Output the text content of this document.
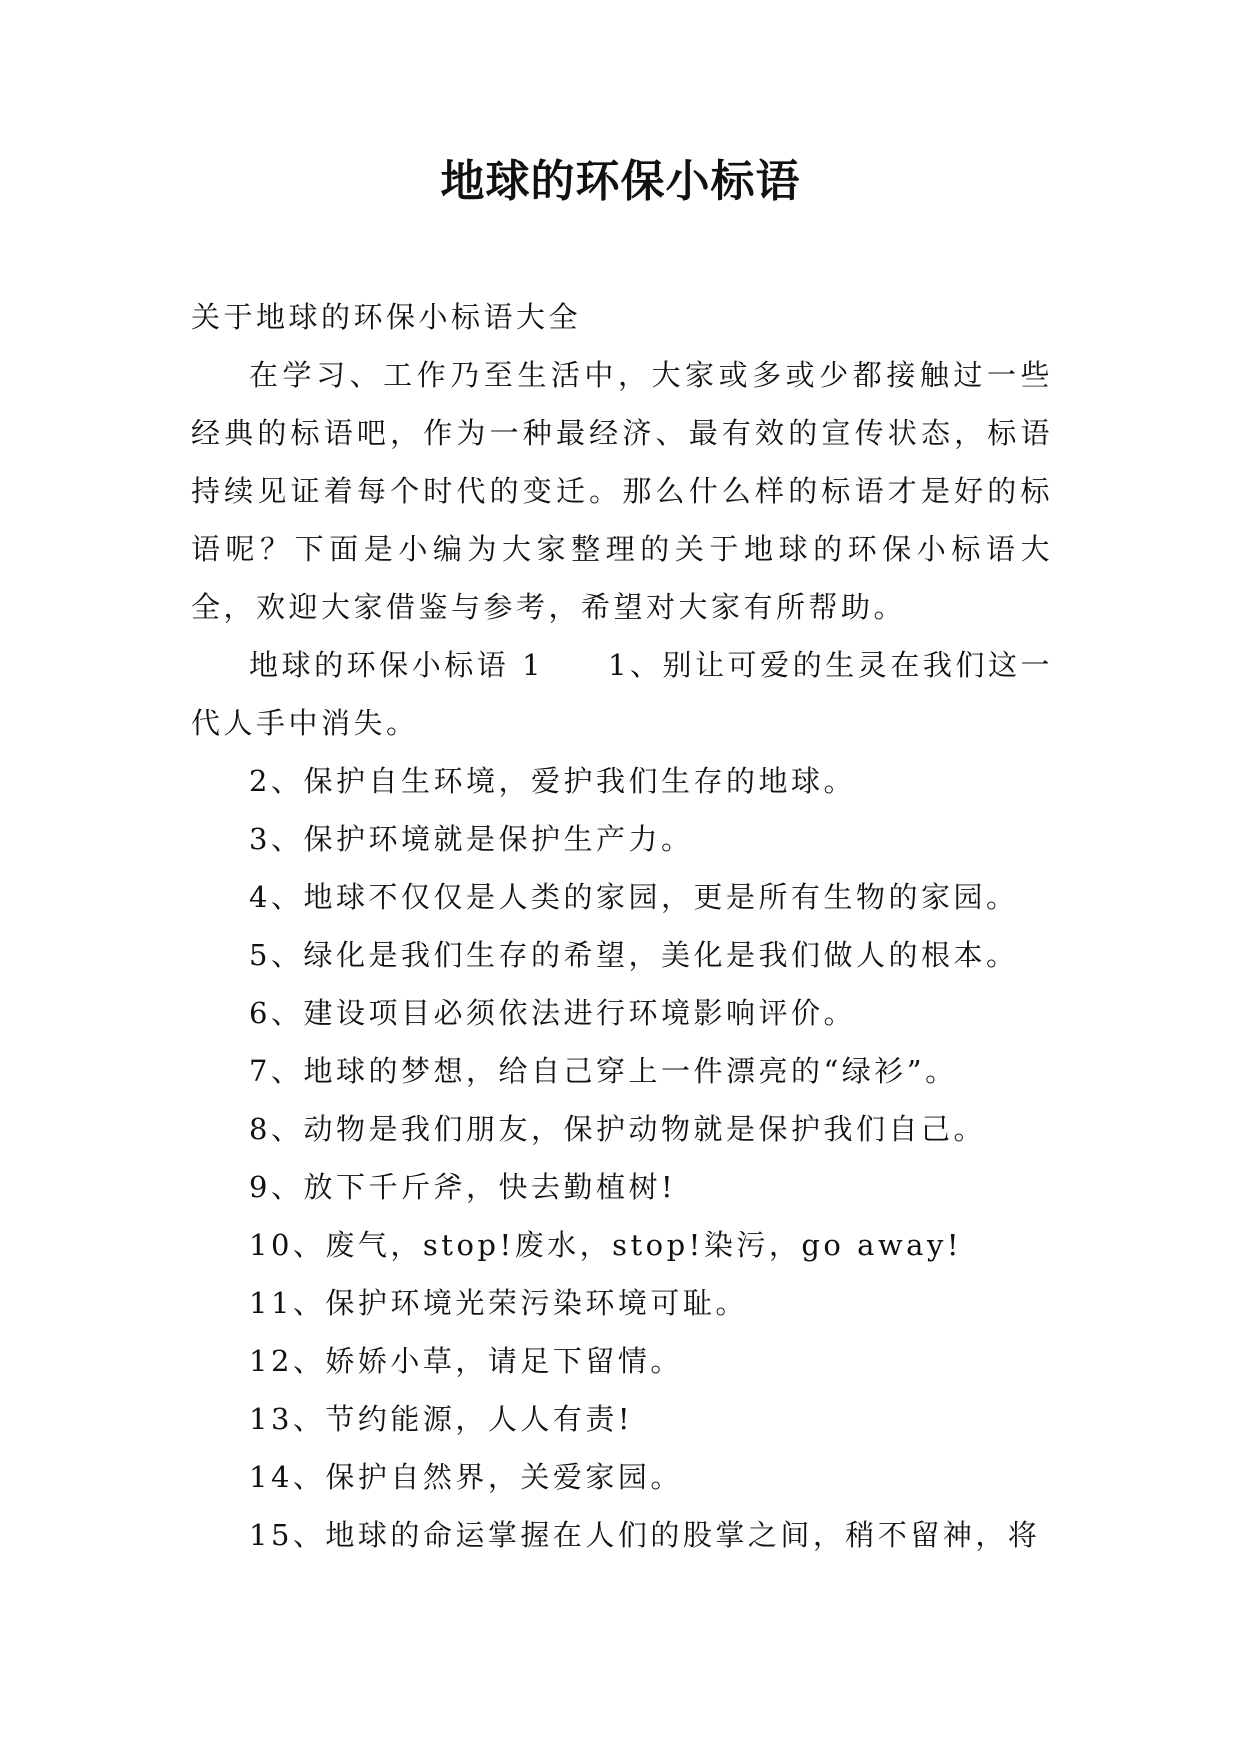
地球的环保小标语

关于地球的环保小标语大全

在学习、工作乃至生活中，大家或多或少都接触过一些经典的标语吧，作为一种最经济、最有效的宣传状态，标语持续见证着每个时代的变迁。那么什么样的标语才是好的标语呢？下面是小编为大家整理的关于地球的环保小标语大全，欢迎大家借鉴与参考，希望对大家有所帮助。

地球的环保小标语 1 1、别让可爱的生灵在我们这一代人手中消失。

2、保护自生环境，爱护我们生存的地球。

3、保护环境就是保护生产力。

4、地球不仅仅是人类的家园，更是所有生物的家园。

5、绿化是我们生存的希望，美化是我们做人的根本。

6、建设项目必须依法进行环境影响评价。

7、地球的梦想，给自己穿上一件漂亮的“绿衫”。

8、动物是我们朋友，保护动物就是保护我们自己。

9、放下千斤斧，快去勤植树!

10、废气，stop!废水，stop!染污，go away!

11、保护环境光荣污染环境可耻。

12、娇娇小草，请足下留情。

13、节约能源，人人有责!

14、保护自然界，关爱家园。

15、地球的命运掌握在人们的股掌之间，稍不留神，将
